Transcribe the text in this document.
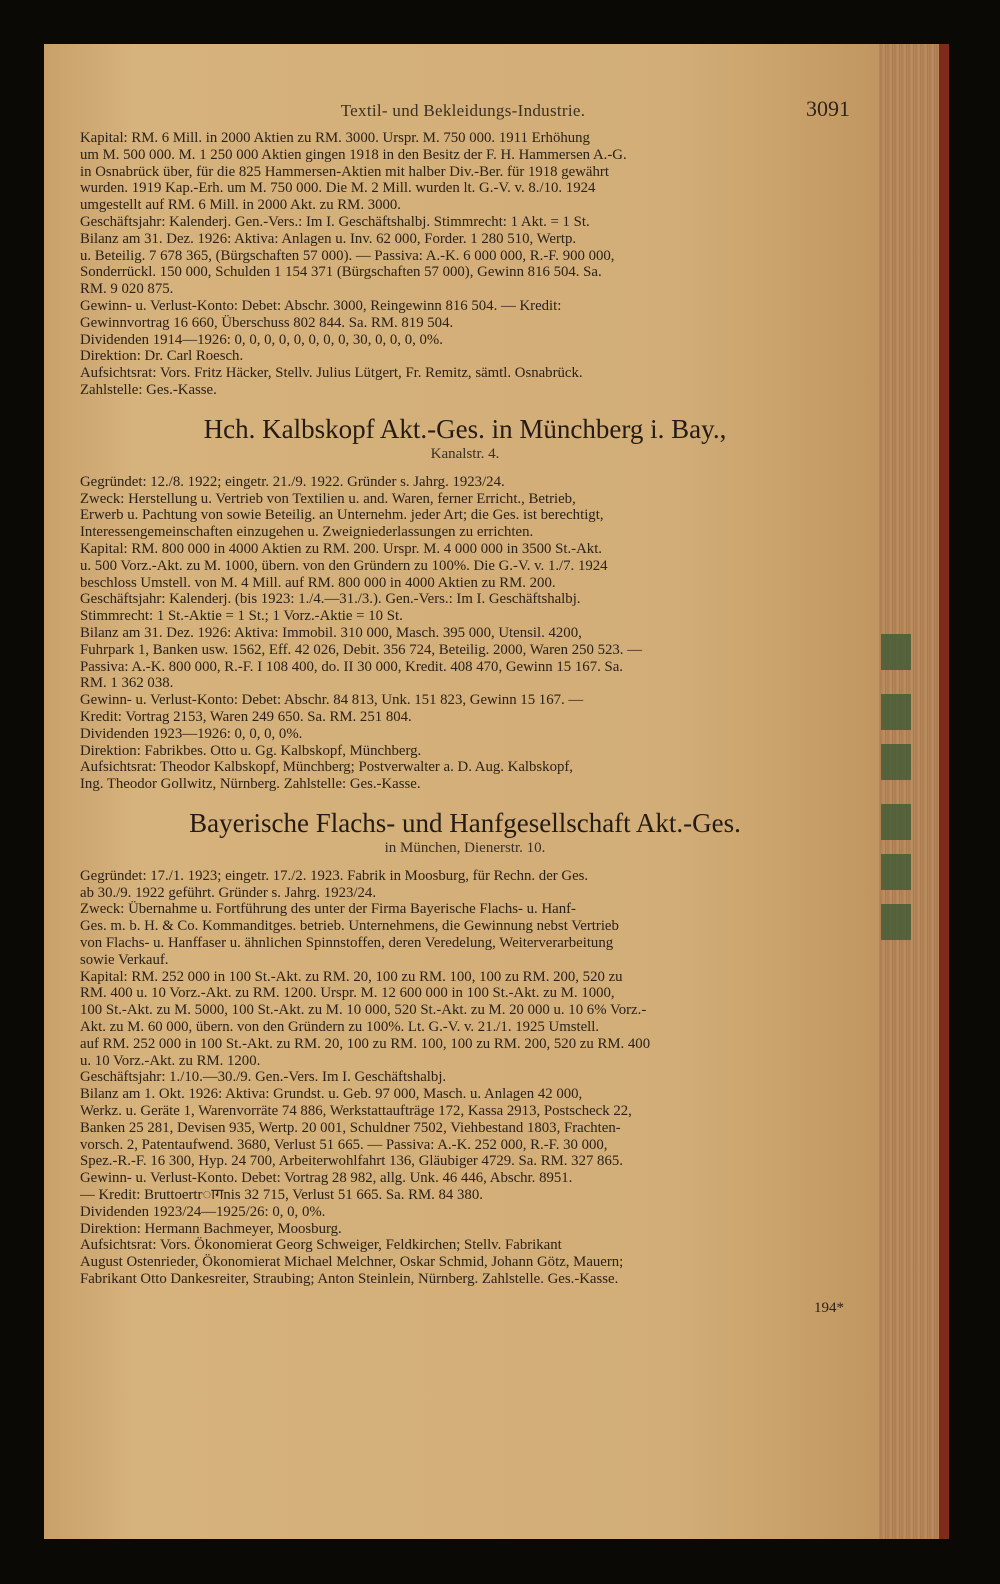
Textil- und Bekleidungs-Industrie.	3091

Kapital: RM. 6 Mill. in 2000 Aktien zu RM. 3000. Urspr. M. 750 000. 1911 Erhöhung

um M. 500 000. M. 1 250 000 Aktien gingen 1918 in den Besitz der F. H. Hammersen A.-G.

in Osnabrück über, für die 825 Hammersen-Aktien mit halber Div.-Ber. für 1918 gewährt

wurden. 1919 Kap.-Erh. um M. 750 000. Die M. 2 Mill. wurden lt. G.-V. v. 8./10. 1924

umgestellt auf RM. 6 Mill. in 2000 Akt. zu RM. 3000.

Geschäftsjahr: Kalenderj. Gen.-Vers.: Im I. Geschäftshalbj. Stimmrecht: 1 Akt. = 1 St.

Bilanz am 31. Dez. 1926: Aktiva: Anlagen u. Inv. 62 000, Forder. 1 280 510, Wertp.

u. Beteilig. 7 678 365, (Bürgschaften 57 000). — Passiva: A.-K. 6 000 000, R.-F. 900 000,

Sonderrückl. 150 000, Schulden 1 154 371 (Bürgschaften 57 000), Gewinn 816 504. Sa.

RM. 9 020 875.

Gewinn- u. Verlust-Konto: Debet: Abschr. 3000, Reingewinn 816 504. — Kredit:

Gewinnvortrag 16 660, Überschuss 802 844. Sa. RM. 819 504.

Dividenden 1914—1926: 0, 0, 0, 0, 0, 0, 0, 0, 30, 0, 0, 0, 0%.

Direktion: Dr. Carl Roesch.

Aufsichtsrat: Vors. Fritz Häcker, Stellv. Julius Lütgert, Fr. Remitz, sämtl. Osnabrück.

Zahlstelle: Ges.-Kasse.

Hch. Kalbskopf Akt.-Ges. in Münchberg i. Bay.,
Kanalstr. 4.

Gegründet: 12./8. 1922; eingetr. 21./9. 1922. Gründer s. Jahrg. 1923/24.

Zweck: Herstellung u. Vertrieb von Textilien u. and. Waren, ferner Erricht., Betrieb,

Erwerb u. Pachtung von sowie Beteilig. an Unternehm. jeder Art; die Ges. ist berechtigt,

Interessengemeinschaften einzugehen u. Zweigniederlassungen zu errichten.

Kapital: RM. 800 000 in 4000 Aktien zu RM. 200. Urspr. M. 4 000 000 in 3500 St.-Akt.

u. 500 Vorz.-Akt. zu M. 1000, übern. von den Gründern zu 100%. Die G.-V. v. 1./7. 1924

beschloss Umstell. von M. 4 Mill. auf RM. 800 000 in 4000 Aktien zu RM. 200.

Geschäftsjahr: Kalenderj. (bis 1923: 1./4.—31./3.). Gen.-Vers.: Im I. Geschäftshalbj.

Stimmrecht: 1 St.-Aktie = 1 St.; 1 Vorz.-Aktie = 10 St.

Bilanz am 31. Dez. 1926: Aktiva: Immobil. 310 000, Masch. 395 000, Utensil. 4200,

Fuhrpark 1, Banken usw. 1562, Eff. 42 026, Debit. 356 724, Beteilig. 2000, Waren 250 523. —

Passiva: A.-K. 800 000, R.-F. I 108 400, do. II 30 000, Kredit. 408 470, Gewinn 15 167. Sa.

RM. 1 362 038.

Gewinn- u. Verlust-Konto: Debet: Abschr. 84 813, Unk. 151 823, Gewinn 15 167. —

Kredit: Vortrag 2153, Waren 249 650. Sa. RM. 251 804.

Dividenden 1923—1926: 0, 0, 0, 0%.

Direktion: Fabrikbes. Otto u. Gg. Kalbskopf, Münchberg.

Aufsichtsrat: Theodor Kalbskopf, Münchberg; Postverwalter a. D. Aug. Kalbskopf,

Ing. Theodor Gollwitz, Nürnberg. Zahlstelle: Ges.-Kasse.

Bayerische Flachs- und Hanfgesellschaft Akt.-Ges.
in München, Dienerstr. 10.

Gegründet: 17./1. 1923; eingetr. 17./2. 1923. Fabrik in Moosburg, für Rechn. der Ges.

ab 30./9. 1922 geführt. Gründer s. Jahrg. 1923/24.

Zweck: Übernahme u. Fortführung des unter der Firma Bayerische Flachs- u. Hanf-

Ges. m. b. H. & Co. Kommanditges. betrieb. Unternehmens, die Gewinnung nebst Vertrieb

von Flachs- u. Hanffaser u. ähnlichen Spinnstoffen, deren Veredelung, Weiterverarbeitung

sowie Verkauf.

Kapital: RM. 252 000 in 100 St.-Akt. zu RM. 20, 100 zu RM. 100, 100 zu RM. 200, 520 zu

RM. 400 u. 10 Vorz.-Akt. zu RM. 1200. Urspr. M. 12 600 000 in 100 St.-Akt. zu M. 1000,

100 St.-Akt. zu M. 5000, 100 St.-Akt. zu M. 10 000, 520 St.-Akt. zu M. 20 000 u. 10 6% Vorz.-

Akt. zu M. 60 000, übern. von den Gründern zu 100%. Lt. G.-V. v. 21./1. 1925 Umstell.

auf RM. 252 000 in 100 St.-Akt. zu RM. 20, 100 zu RM. 100, 100 zu RM. 200, 520 zu RM. 400

u. 10 Vorz.-Akt. zu RM. 1200.

Geschäftsjahr: 1./10.—30./9. Gen.-Vers. Im I. Geschäftshalbj.

Bilanz am 1. Okt. 1926: Aktiva: Grundst. u. Geb. 97 000, Masch. u. Anlagen 42 000,

Werkz. u. Geräte 1, Warenvorräte 74 886, Werkstattaufträge 172, Kassa 2913, Postscheck 22,

Banken 25 281, Devisen 935, Wertp. 20 001, Schuldner 7502, Viehbestand 1803, Frachten-

vorsch. 2, Patentaufwend. 3680, Verlust 51 665. — Passiva: A.-K. 252 000, R.-F. 30 000,

Spez.-R.-F. 16 300, Hyp. 24 700, Arbeiterwohlfahrt 136, Gläubiger 4729. Sa. RM. 327 865.

Gewinn- u. Verlust-Konto. Debet: Vortrag 28 982, allg. Unk. 46 446, Abschr. 8951.

— Kredit: Bruttoertrागnis 32 715, Verlust 51 665. Sa. RM. 84 380.

Dividenden 1923/24—1925/26: 0, 0, 0%.

Direktion: Hermann Bachmeyer, Moosburg.

Aufsichtsrat: Vors. Ökonomierat Georg Schweiger, Feldkirchen; Stellv. Fabrikant

August Ostenrieder, Ökonomierat Michael Melchner, Oskar Schmid, Johann Götz, Mauern;

Fabrikant Otto Dankesreiter, Straubing; Anton Steinlein, Nürnberg. Zahlstelle. Ges.-Kasse.

194*
